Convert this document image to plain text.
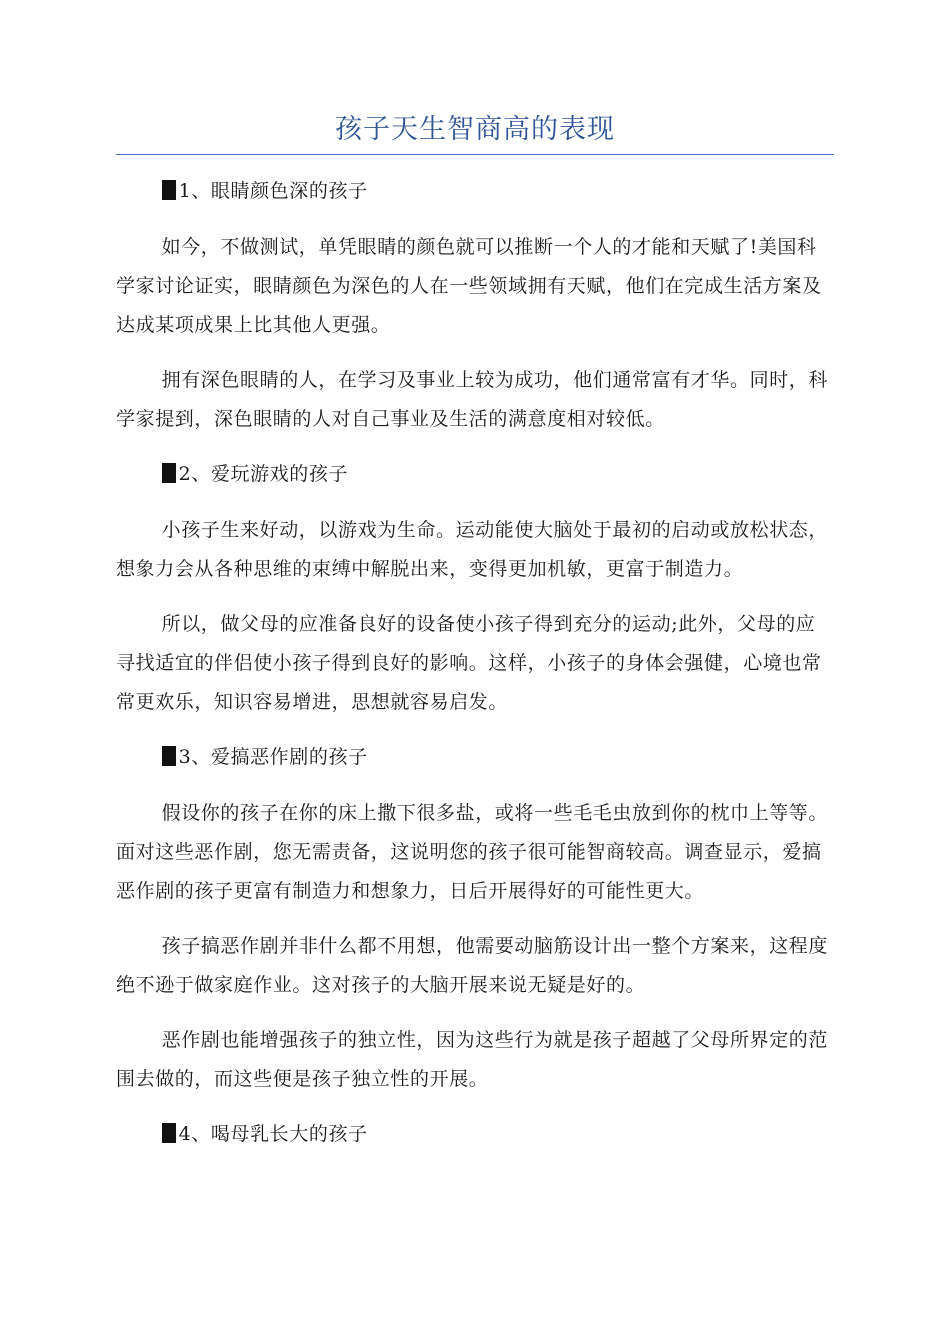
孩子天生智商高的表现

1、眼睛颜色深的孩子

如今，不做测试，单凭眼睛的颜色就可以推断一个人的才能和天赋了!美国科学家讨论证实，眼睛颜色为深色的人在一些领域拥有天赋，他们在完成生活方案及达成某项成果上比其他人更强。

拥有深色眼睛的人，在学习及事业上较为成功，他们通常富有才华。同时，科学家提到，深色眼睛的人对自己事业及生活的满意度相对较低。

2、爱玩游戏的孩子

小孩子生来好动，以游戏为生命。运动能使大脑处于最初的启动或放松状态，想象力会从各种思维的束缚中解脱出来，变得更加机敏，更富于制造力。

所以，做父母的应准备良好的设备使小孩子得到充分的运动;此外，父母的应寻找适宜的伴侣使小孩子得到良好的影响。这样，小孩子的身体会强健，心境也常常更欢乐，知识容易增进，思想就容易启发。

3、爱搞恶作剧的孩子

假设你的孩子在你的床上撒下很多盐，或将一些毛毛虫放到你的枕巾上等等。面对这些恶作剧，您无需责备，这说明您的孩子很可能智商较高。调查显示，爱搞恶作剧的孩子更富有制造力和想象力，日后开展得好的可能性更大。

孩子搞恶作剧并非什么都不用想，他需要动脑筋设计出一整个方案来，这程度绝不逊于做家庭作业。这对孩子的大脑开展来说无疑是好的。

恶作剧也能增强孩子的独立性，因为这些行为就是孩子超越了父母所界定的范围去做的，而这些便是孩子独立性的开展。

4、喝母乳长大的孩子
